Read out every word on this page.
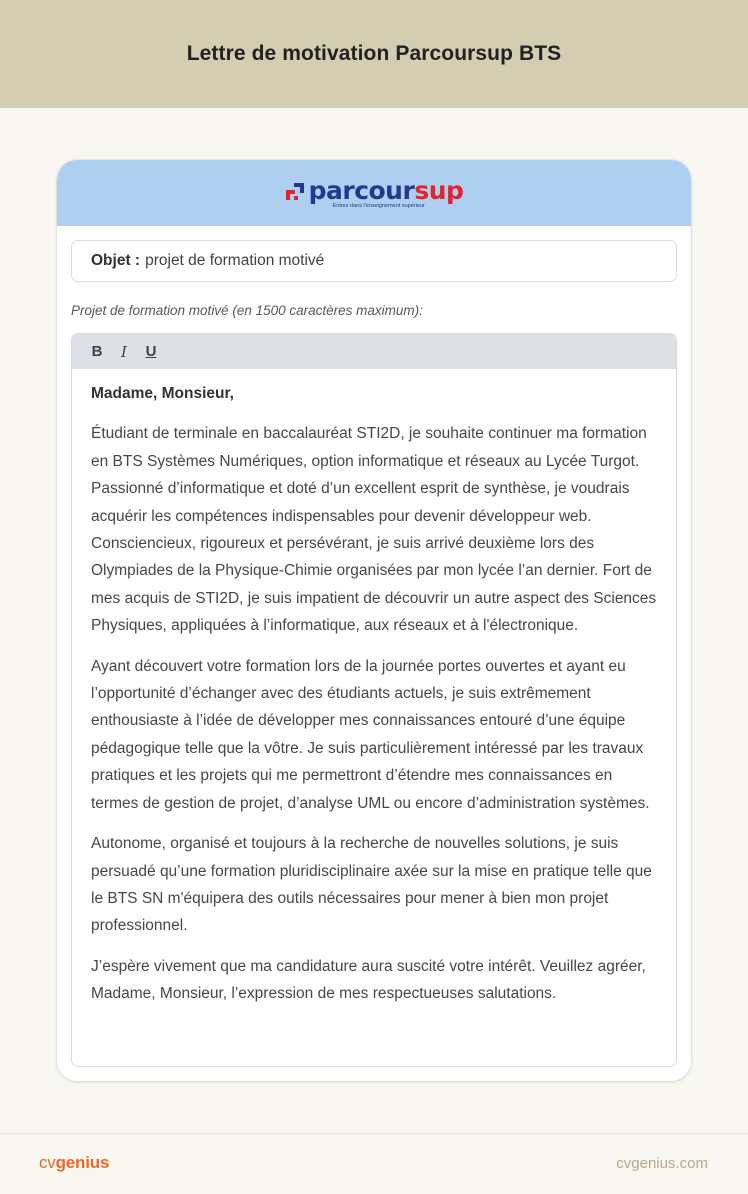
Lettre de motivation Parcoursup BTS
parcoursup
Entrez dans l'enseignement supérieur
Objet : projet de formation motivé
Projet de formation motivé (en 1500 caractères maximum):
B I U
Madame, Monsieur,

Étudiant de terminale en baccalauréat STI2D, je souhaite continuer ma formation en BTS Systèmes Numériques, option informatique et réseaux au Lycée Turgot. Passionné d’informatique et doté d’un excellent esprit de synthèse, je voudrais acquérir les compétences indispensables pour devenir développeur web. Consciencieux, rigoureux et persévérant, je suis arrivé deuxième lors des Olympiades de la Physique-Chimie organisées par mon lycée l’an dernier. Fort de mes acquis de STI2D, je suis impatient de découvrir un autre aspect des Sciences Physiques, appliquées à l’informatique, aux réseaux et à l'électronique.

Ayant découvert votre formation lors de la journée portes ouvertes et ayant eu l’opportunité d’échanger avec des étudiants actuels, je suis extrêmement enthousiaste à l’idée de développer mes connaissances entouré d’une équipe pédagogique telle que la vôtre. Je suis particulièrement intéressé par les travaux pratiques et les projets qui me permettront d’étendre mes connaissances en termes de gestion de projet, d’analyse UML ou encore d’administration systèmes.

Autonome, organisé et toujours à la recherche de nouvelles solutions, je suis persuadé qu’une formation pluridisciplinaire axée sur la mise en pratique telle que le BTS SN m'équipera des outils nécessaires pour mener à bien mon projet professionnel.

J’espère vivement que ma candidature aura suscité votre intérêt. Veuillez agréer, Madame, Monsieur, l’expression de mes respectueuses salutations.

cvgenius	cvgenius.com
